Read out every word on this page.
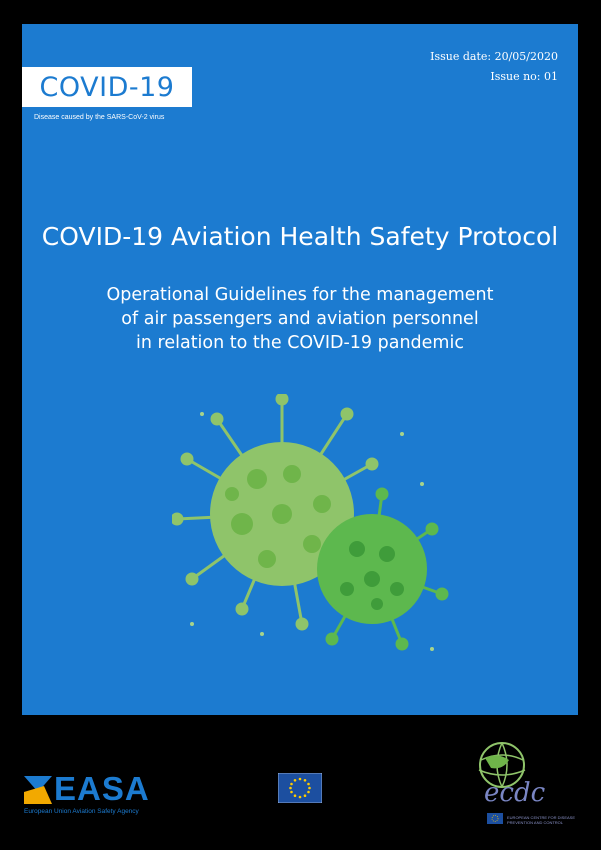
COVID-19
Disease caused by the SARS-CoV-2 virus
Issue date: 20/05/2020
Issue no: 01
COVID-19 Aviation Health Safety Protocol
Operational Guidelines for the management
of air passengers and aviation personnel
in relation to the COVID-19 pandemic
EASA
European Union Aviation Safety Agency
ecdc
EUROPEAN CENTRE FOR DISEASE PREVENTION AND CONTROL
